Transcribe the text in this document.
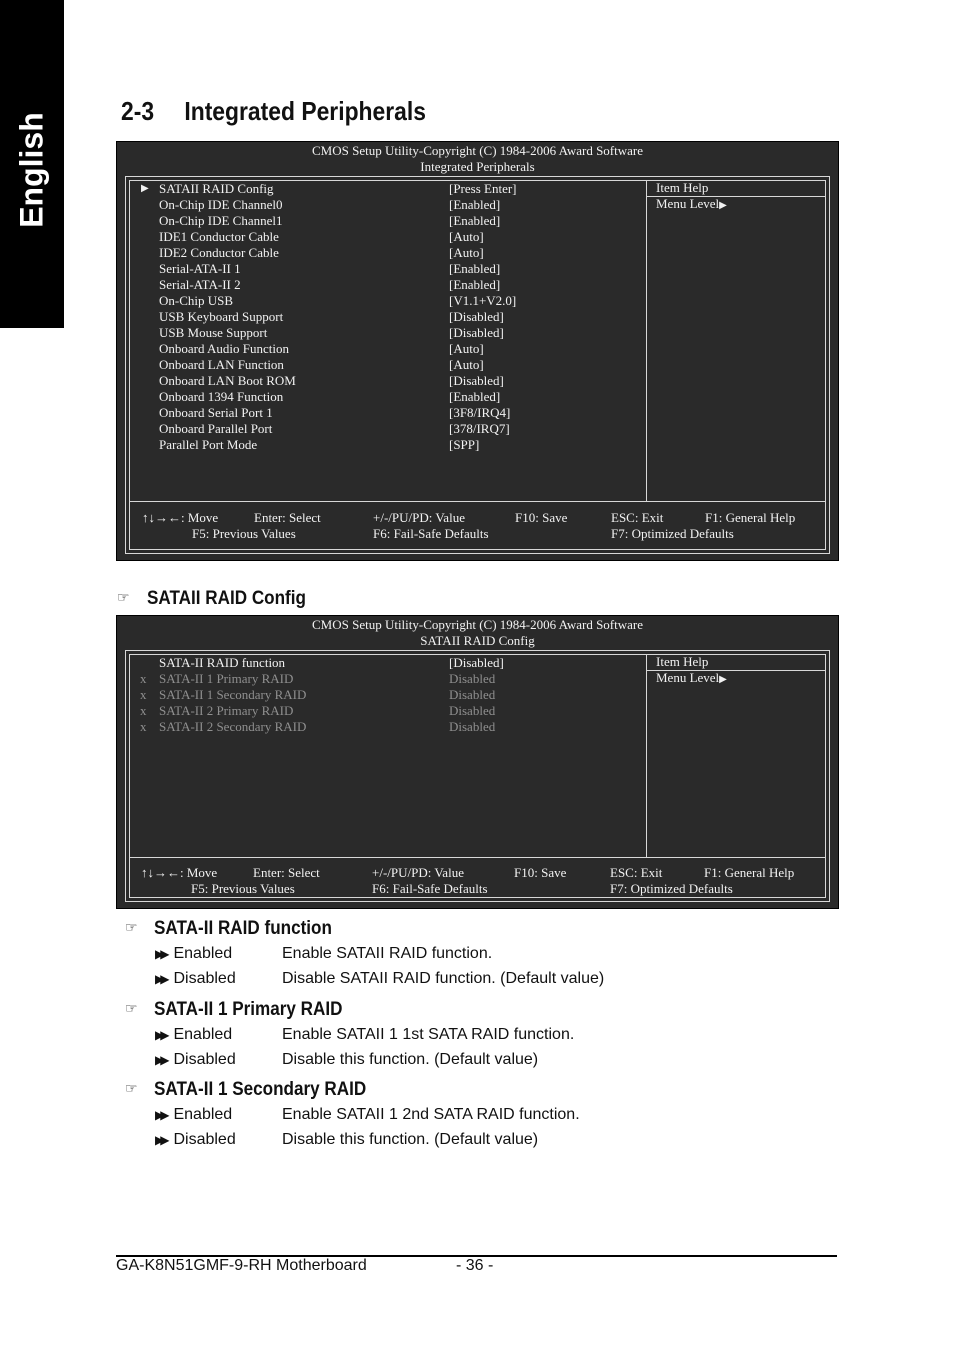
English
2-3 Integrated Peripherals
CMOS Setup Utility-Copyright (C) 1984-2006 Award Software
Integrated Peripherals
Item Help
Menu Level▶
▶ SATAII RAID Config	[Press Enter]
On-Chip IDE Channel0	[Enabled]
On-Chip IDE Channel1	[Enabled]
IDE1 Conductor Cable	[Auto]
IDE2 Conductor Cable	[Auto]
Serial-ATA-II 1	[Enabled]
Serial-ATA-II 2	[Enabled]
On-Chip USB	[V1.1+V2.0]
USB Keyboard Support	[Disabled]
USB Mouse Support	[Disabled]
Onboard Audio Function	[Auto]
Onboard LAN Function	[Auto]
Onboard LAN Boot ROM	[Disabled]
Onboard 1394 Function	[Enabled]
Onboard Serial Port 1	[3F8/IRQ4]
Onboard Parallel Port	[378/IRQ7]
Parallel Port Mode	[SPP]
↑↓→←: Move	Enter: Select	+/-/PU/PD: Value	F10: Save	ESC: Exit	F1: General Help
F5: Previous Values	F6: Fail-Safe Defaults	F7: Optimized Defaults
☞ SATAII RAID Config
CMOS Setup Utility-Copyright (C) 1984-2006 Award Software
SATAII RAID Config
Item Help
Menu Level▶
SATA-II RAID function	[Disabled]
x SATA-II 1 Primary RAID	Disabled
x SATA-II 1 Secondary RAID	Disabled
x SATA-II 2 Primary RAID	Disabled
x SATA-II 2 Secondary RAID	Disabled
↑↓→←: Move	Enter: Select	+/-/PU/PD: Value	F10: Save	ESC: Exit	F1: General Help
F5: Previous Values	F6: Fail-Safe Defaults	F7: Optimized Defaults
☞ SATA-II RAID function
▶▶ Enabled	Enable SATAII RAID function.
▶▶ Disabled	Disable SATAII RAID function. (Default value)
☞ SATA-II 1 Primary RAID
▶▶ Enabled	Enable SATAII 1 1st SATA RAID function.
▶▶ Disabled	Disable this function. (Default value)
☞ SATA-II 1 Secondary RAID
▶▶ Enabled	Enable SATAII 1 2nd SATA RAID function.
▶▶ Disabled	Disable this function. (Default value)
GA-K8N51GMF-9-RH Motherboard	- 36 -
